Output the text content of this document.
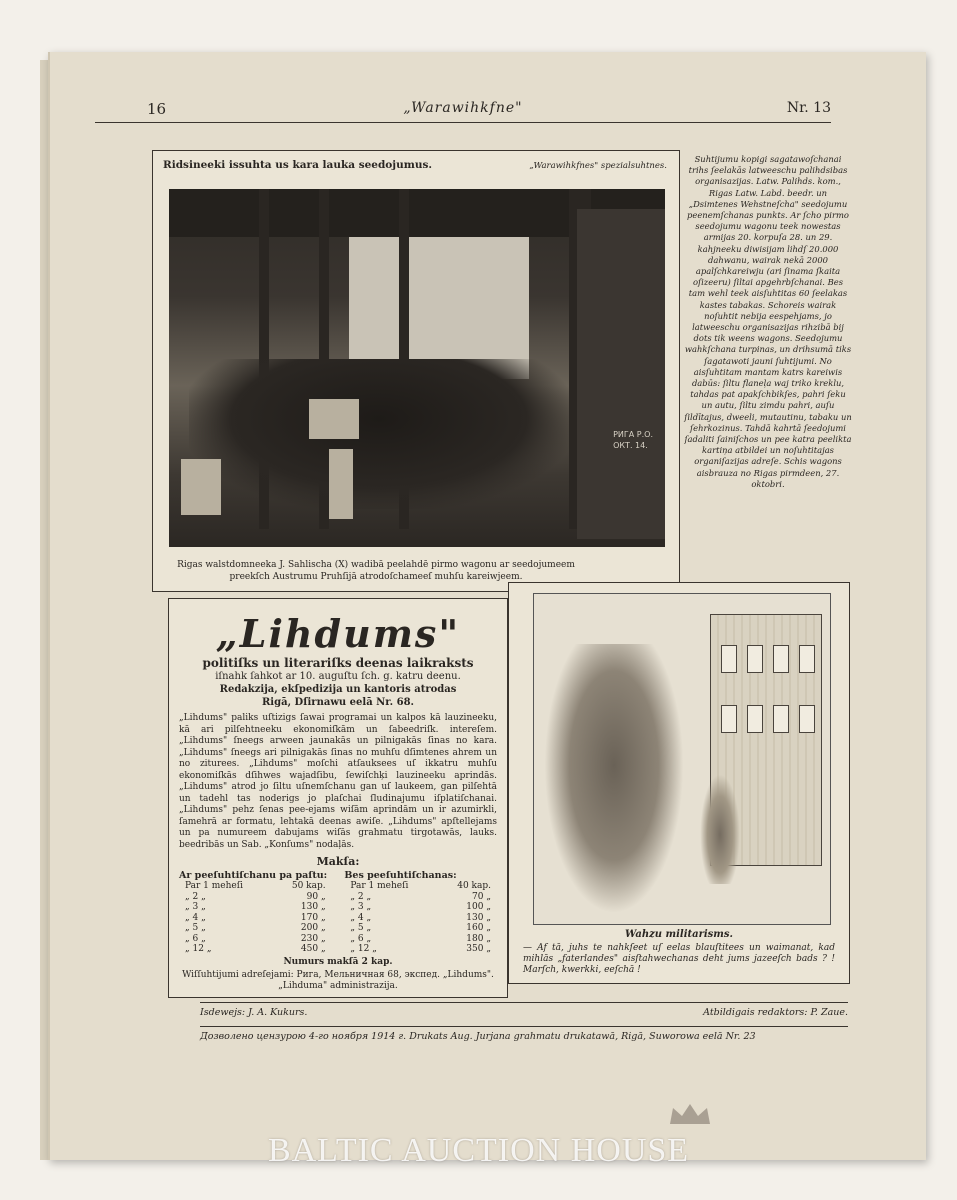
16	„Warawihkfne"	Nr. 13
Ridsineeki issuhta us kara lauka seedojumus.	„Warawihkfnes" spezialsuhtnes.
РИГА Р.О.
ОКТ. 14.
Rigas walstdomneeka J. Sahlischa (X) wadibā peelahdē pirmo wagonu ar seedojumeem preekſch Austrumu Pruhſijā atrodoſchameeſ muhſu kareiwjeem.
Suhtijumu kopigi sagatawoſchanai trihs ſeelakās latweeschu palihdsibas organisazijas. Latw. Palihds. kom., Rigas Latw. Labd. beedr. un „Dsimtenes Wehstneſcha" seedojumu peenemſchanas punkts. Ar ſcho pirmo seedojumu wagonu teek nowestas armijas 20. korpuſa 28. un 29. kahjneeku diwisijam lihdſ 20.000 dahwanu, wairak nekā 2000 apalſchkareiwju (ari ſinama ſkaita oſizeeru) ſiltai apgehrbſchanai. Bes tam wehl teek aisſuhtitas 60 ſeelakas kastes tabakas. Schoreis wairak noſuhtit nebija eespehjams, jo latweeschu organisazijas rihzibā bij dots tik weens wagons. Seedojumu wahkſchana turpinas, un drihsumā tiks ſagatawoti jauni ſuhtijumi. No aisſuhtitam mantam katrs kareiwis dabūs: ſiltu flaneļa waj triko kreklu, tahdas pat apakſchbikſes, pahri ſeku un autu, ſiltu zimdu pahri, auſu ſildītajus, dweeli, mutautinu, tabaku un ſehrkozinus. Tahdā kahrtā ſeedojumi ſadaliti ſainiſchos un pee katra peelikta kartiņa atbildei un noſuhtitajas organiſazijas adreſe. Schis wagons aisbrauza no Rigas pirmdeen, 27. oktobri.
„Lihdums"
politiſks un literariſks deenas laikraksts
iſnahk ſahkot ar 10. auguſtu ſch. g. katru deenu.
Redakzija, ekſpedizija un kantoris atrodas
Rigā, Dſirnawu eelā Nr. 68.
„Lihdums" paliks uſtizigs ſawai programai un kalpos kā lauzineeku, kā ari pilſehtneeku ekonomiſkām un ſabeedriſk. intereſem. „Lihdums" ſneegs arween jaunakās un pilnigakās ſinas no kara. „Lihdums" ſneegs ari pilnigakās ſinas no muhſu dſimtenes ahrem un no ziturees. „Lihdums" moſchi atſauksees uſ ikkatru muhſu ekonomiſkās dſihwes wajadſibu, ſewiſchķi lauzineeku aprindās. „Lihdums" atrod jo ſiltu uſnemſchanu gan uſ laukeem, gan pilſehtā un tadehl tas noderigs jo plaſchai ſludinajumu iſplatiſchanai. „Lihdums" pehz ſenas pee-ejams wiſām aprindām un ir azumirkli, ſamehrā ar formatu, lehtakā deenas awiſe. „Lihdums" apſtellejams un pa numureem dabujams wiſās grahmatu tirgotawās, lauks. beedribās un Sab. „Konſums" nodaļās.
Makſa:
Ar peeſuhtiſchanu pa paſtu:
Par 1 meheſi	50 kap.
„ 2 „	90 „
„ 3 „	130 „
„ 4 „	170 „
„ 5 „	200 „
„ 6 „	230 „
„ 12 „	450 „
Bes peeſuhtiſchanas:
Par 1 meheſi	40 kap.
„ 2 „	70 „
„ 3 „	100 „
„ 4 „	130 „
„ 5 „	160 „
„ 6 „	180 „
„ 12 „	350 „
Numurs makſā 2 kap.
Wiſſuhtijumi adreſejami: Рига, Мельничная 68, экспед. „Lihdums". „Lihduma" administrazija.
Wahzu militarisms.
— Af tā, juhs te nahkſeet uſ eelas blauſtitees un waimanat, kad mihlās „faterlandes" aisſtahwechanas deht jums jazeeſch bads ? ! Marſch, kwerkki, eeſchā !
Isdewejs: J. A. Kukurs.	Atbildigais redaktors: P. Zaue.
Дозволено цензурою 4-го ноября 1914 г. Drukats Aug. Jurjana grahmatu drukatawā, Rigā, Suworowa eelā Nr. 23
BALTIC AUCTION HOUSE
